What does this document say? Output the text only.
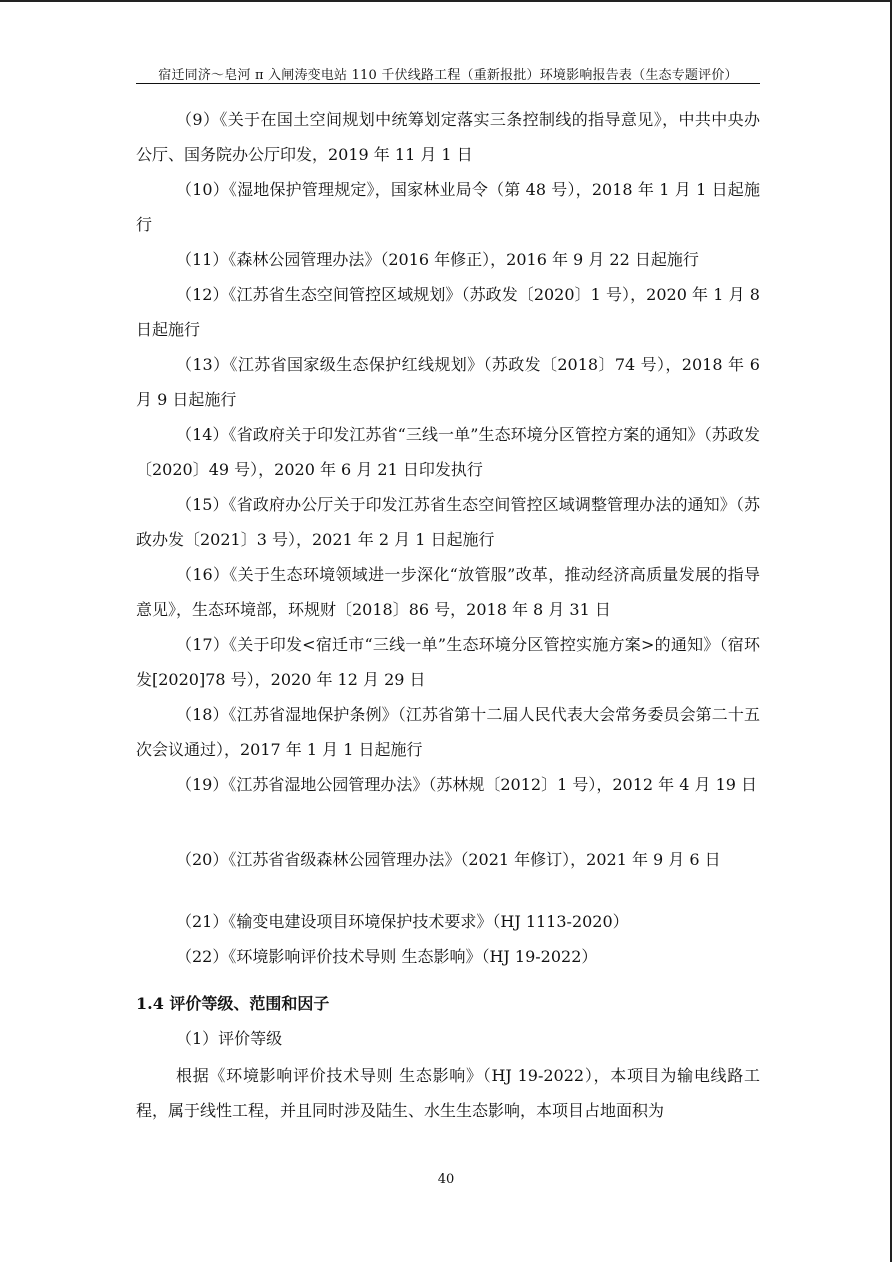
宿迁同济～皂河 π 入闸涛变电站 110 千伏线路工程（重新报批）环境影响报告表（生态专题评价）
（9）《关于在国土空间规划中统筹划定落实三条控制线的指导意见》，中共中央办公厅、国务院办公厅印发，2019 年 11 月 1 日
（10）《湿地保护管理规定》，国家林业局令（第 48 号），2018 年 1 月 1 日起施行
（11）《森林公园管理办法》（2016 年修正），2016 年 9 月 22 日起施行
（12）《江苏省生态空间管控区域规划》（苏政发〔2020〕1 号），2020 年 1 月 8 日起施行
（13）《江苏省国家级生态保护红线规划》（苏政发〔2018〕74 号），2018 年 6 月 9 日起施行
（14）《省政府关于印发江苏省“三线一单”生态环境分区管控方案的通知》（苏政发〔2020〕49 号），2020 年 6 月 21 日印发执行
（15）《省政府办公厅关于印发江苏省生态空间管控区域调整管理办法的通知》（苏政办发〔2021〕3 号），2021 年 2 月 1 日起施行
（16）《关于生态环境领域进一步深化“放管服”改革，推动经济高质量发展的指导意见》，生态环境部，环规财〔2018〕86 号，2018 年 8 月 31 日
（17）《关于印发<宿迁市“三线一单”生态环境分区管控实施方案>的通知》（宿环发[2020]78 号），2020 年 12 月 29 日
（18）《江苏省湿地保护条例》（江苏省第十二届人民代表大会常务委员会第二十五次会议通过），2017 年 1 月 1 日起施行
（19）《江苏省湿地公园管理办法》（苏林规〔2012〕1 号），2012 年 4 月 19 日
（20）《江苏省省级森林公园管理办法》（2021 年修订），2021 年 9 月 6 日
（21）《输变电建设项目环境保护技术要求》（HJ 1113-2020）
（22）《环境影响评价技术导则 生态影响》（HJ 19-2022）
1.4 评价等级、范围和因子
（1）评价等级
根据《环境影响评价技术导则 生态影响》（HJ 19-2022），本项目为输电线路工程，属于线性工程，并且同时涉及陆生、水生生态影响，本项目占地面积为
40
